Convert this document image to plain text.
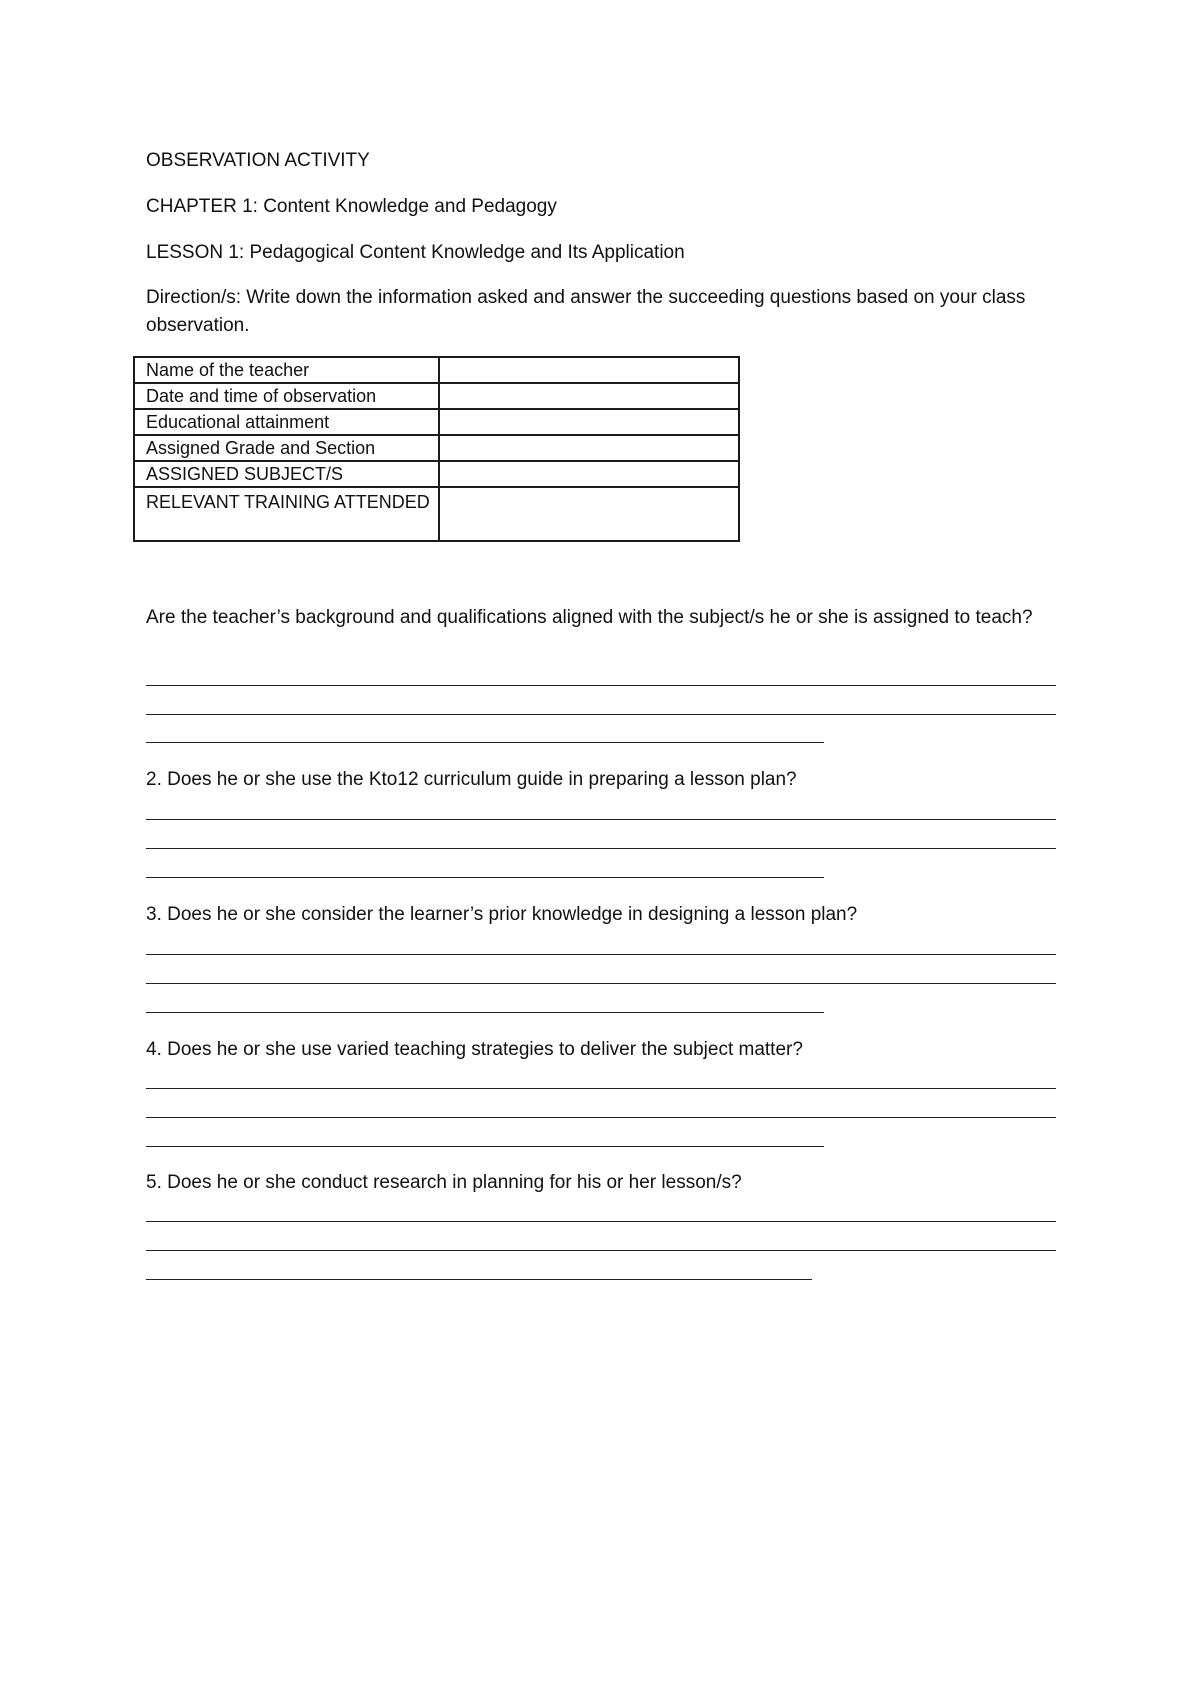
OBSERVATION ACTIVITY
CHAPTER 1: Content Knowledge and Pedagogy
LESSON 1: Pedagogical Content Knowledge and Its Application
Direction/s: Write down the information asked and answer the succeeding questions based on your class observation.
Name of the teacher	
Date and time of observation	
Educational attainment	
Assigned Grade and Section	
ASSIGNED SUBJECT/S	
RELEVANT TRAINING ATTENDED	
Are the teacher’s background and qualifications aligned with the subject/s he or she is assigned to teach?
2. Does he or she use the Kto12 curriculum guide in preparing a lesson plan?
3. Does he or she consider the learner’s prior knowledge in designing a lesson plan?
4. Does he or she use varied teaching strategies to deliver the subject matter?
5. Does he or she conduct research in planning for his or her lesson/s?
